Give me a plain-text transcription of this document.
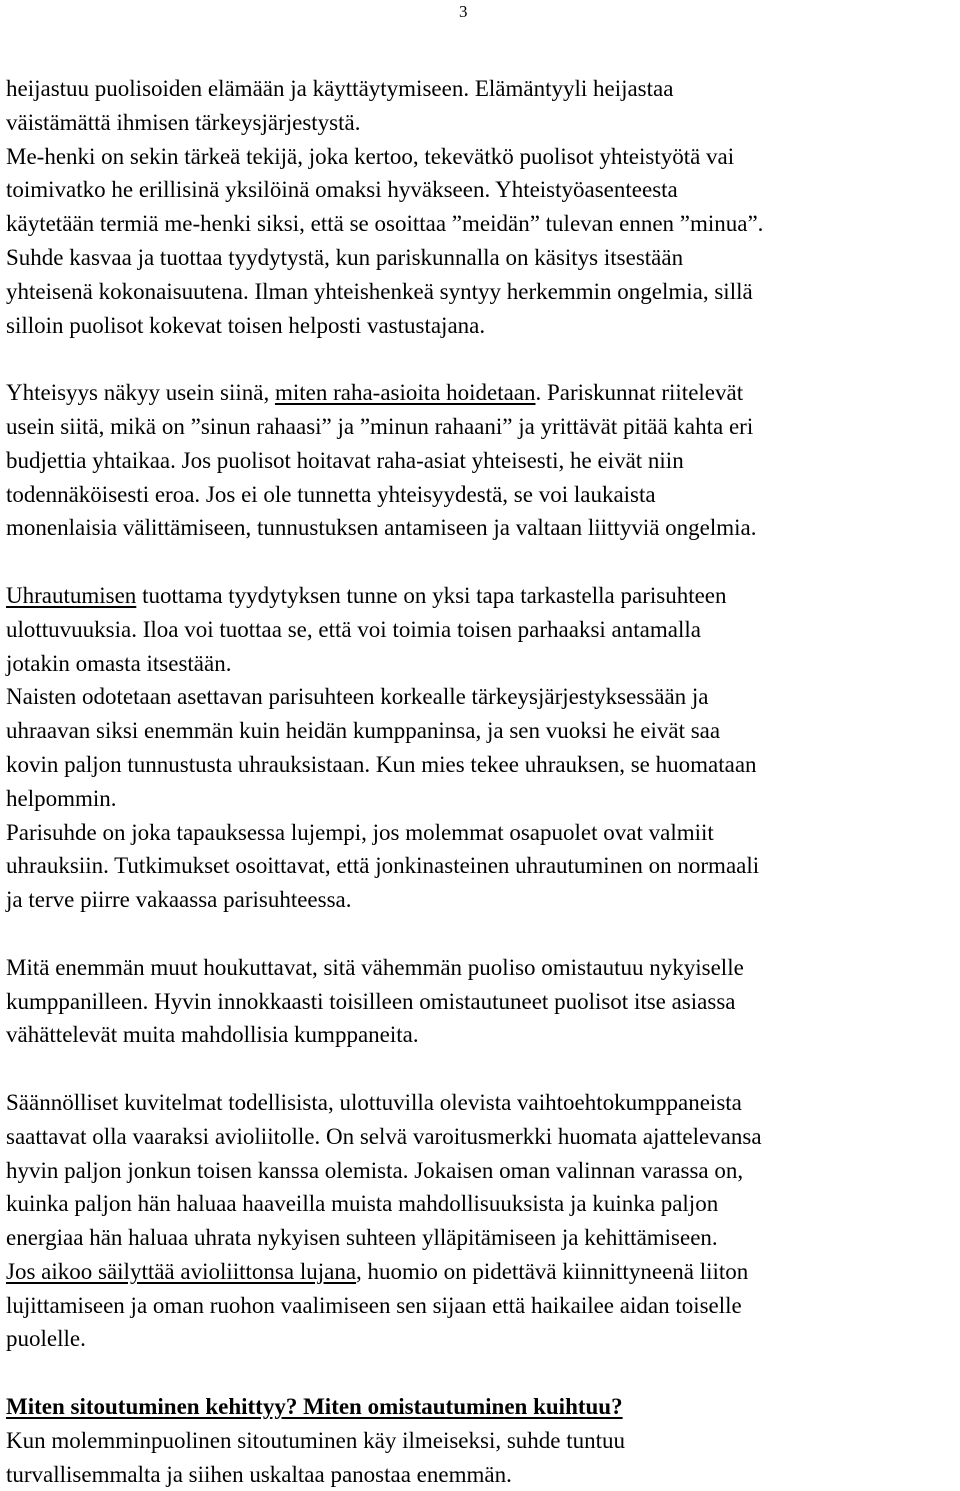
3
heijastuu puolisoiden elämään ja käyttäytymiseen. Elämäntyyli heijastaa
väistämättä ihmisen tärkeysjärjestystä.
Me-henki on sekin tärkeä tekijä, joka kertoo, tekevätkö puolisot yhteistyötä vai
toimivatko he erillisinä yksilöinä omaksi hyväkseen. Yhteistyöasenteesta
käytetään termiä me-henki siksi, että se osoittaa ”meidän” tulevan ennen ”minua”.
Suhde kasvaa ja tuottaa tyydytystä, kun pariskunnalla on käsitys itsestään
yhteisenä kokonaisuutena. Ilman yhteishenkeä syntyy herkemmin ongelmia, sillä
silloin puolisot kokevat toisen helposti vastustajana.
Yhteisyys näkyy usein siinä, miten raha-asioita hoidetaan. Pariskunnat riitelevät
usein siitä, mikä on ”sinun rahaasi” ja ”minun rahaani” ja yrittävät pitää kahta eri
budjettia yhtaikaa. Jos puolisot hoitavat raha-asiat yhteisesti, he eivät niin
todennäköisesti eroa. Jos ei ole tunnetta yhteisyydestä, se voi laukaista
monenlaisia välittämiseen, tunnustuksen antamiseen ja valtaan liittyviä ongelmia.
Uhrautumisen tuottama tyydytyksen tunne on yksi tapa tarkastella parisuhteen
ulottuvuuksia. Iloa voi tuottaa se, että voi toimia toisen parhaaksi antamalla
jotakin omasta itsestään.
Naisten odotetaan asettavan parisuhteen korkealle tärkeysjärjestyksessään ja
uhraavan siksi enemmän kuin heidän kumppaninsa, ja sen vuoksi he eivät saa
kovin paljon tunnustusta uhrauksistaan. Kun mies tekee uhrauksen, se huomataan
helpommin.
Parisuhde on joka tapauksessa lujempi, jos molemmat osapuolet ovat valmiit
uhrauksiin. Tutkimukset osoittavat, että jonkinasteinen uhrautuminen on normaali
ja terve piirre vakaassa parisuhteessa.
Mitä enemmän muut houkuttavat, sitä vähemmän puoliso omistautuu nykyiselle
kumppanilleen. Hyvin innokkaasti toisilleen omistautuneet puolisot itse asiassa
vähättelevät muita mahdollisia kumppaneita.
Säännölliset kuvitelmat todellisista, ulottuvilla olevista vaihtoehtokumppaneista
saattavat olla vaaraksi avioliitolle. On selvä varoitusmerkki huomata ajattelevansa
hyvin paljon jonkun toisen kanssa olemista. Jokaisen oman valinnan varassa on,
kuinka paljon hän haluaa haaveilla muista mahdollisuuksista ja kuinka paljon
energiaa hän haluaa uhrata nykyisen suhteen ylläpitämiseen ja kehittämiseen.
Jos aikoo säilyttää avioliittonsa lujana, huomio on pidettävä kiinnittyneenä liiton
lujittamiseen ja oman ruohon vaalimiseen sen sijaan että haikailee aidan toiselle
puolelle.
Miten sitoutuminen kehittyy? Miten omistautuminen kuihtuu?
Kun molemminpuolinen sitoutuminen käy ilmeiseksi, suhde tuntuu
turvallisemmalta ja siihen uskaltaa panostaa enemmän.
